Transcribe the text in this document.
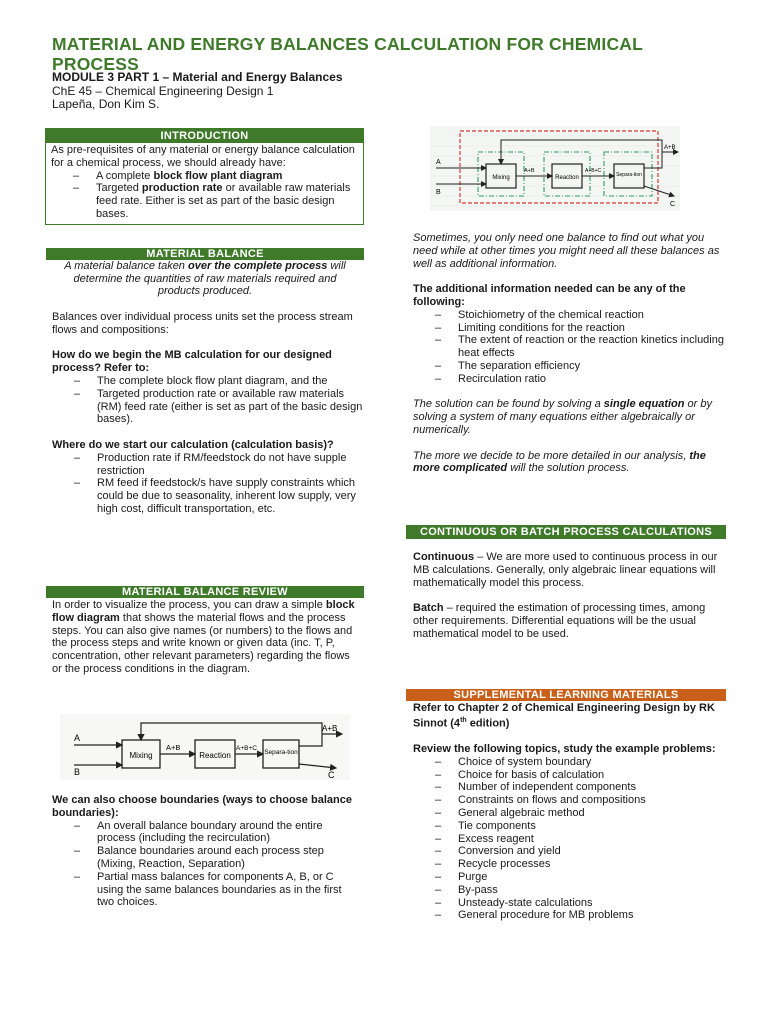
MATERIAL AND ENERGY BALANCES CALCULATION FOR CHEMICAL PROCESS
MODULE 3 PART 1 – Material and Energy Balances
ChE 45 – Chemical Engineering Design 1
Lapeña, Don Kim S.
INTRODUCTION

As pre-requisites of any material or energy balance calculation for a chemical process, we should already have:

– A complete block flow plant diagram
– Targeted production rate or available raw materials feed rate. Either is set as part of the basic design bases.
MATERIAL BALANCE

A material balance taken over the complete process will determine the quantities of raw materials required and products produced.

Balances over individual process units set the process stream flows and compositions:

How do we begin the MB calculation for our designed process? Refer to:

– The complete block flow plant diagram, and the
– Targeted production rate or available raw materials (RM) feed rate (either is set as part of the basic design bases).

Where do we start our calculation (calculation basis)?

– Production rate if RM/feedstock do not have supple restriction
– RM feed if feedstock/s have supply constraints which could be due to seasonality, inherent low supply, very high cost, difficult transportation, etc.
MATERIAL BALANCE REVIEW

In order to visualize the process, you can draw a simple block flow diagram that shows the material flows and the process steps. You can also give names (or numbers) to the flows and the process steps and write known or given data (inc. T, P, concentration, other relevant parameters) regarding the flows or the process conditions in the diagram.

Mixing	Reaction	Separa-tion
A
B	C
A+B
A+B	A+B+C

We can also choose boundaries (ways to choose balance boundaries):

– An overall balance boundary around the entire process (including the recirculation)
– Balance boundaries around each process step (Mixing, Reaction, Separation)
– Partial mass balances for components A, B, or C using the same balances boundaries as in the first two choices.
Mixing	Reaction	Separa-tion
A
B
C
A+B
A+B	A+B+C

Sometimes, you only need one balance to find out what you need while at other times you might need all these balances as well as additional information.

The additional information needed can be any of the following:

– Stoichiometry of the chemical reaction
– Limiting conditions for the reaction
– The extent of reaction or the reaction kinetics including heat effects
– The separation efficiency
– Recirculation ratio

The solution can be found by solving a single equation or by solving a system of many equations either algebraically or numerically.

The more we decide to be more detailed in our analysis, the more complicated will the solution process.

CONTINUOUS OR BATCH PROCESS CALCULATIONS

Continuous – We are more used to continuous process in our MB calculations. Generally, only algebraic linear equations will mathematically model this process.

Batch – required the estimation of processing times, among other requirements. Differential equations will be the usual mathematical model to be used.

SUPPLEMENTAL LEARNING MATERIALS

Refer to Chapter 2 of Chemical Engineering Design by RK Sinnot (4th edition)

Review the following topics, study the example problems:

– Choice of system boundary
– Choice for basis of calculation
– Number of independent components
– Constraints on flows and compositions
– General algebraic method
– Tie components
– Excess reagent
– Conversion and yield
– Recycle processes
– Purge
– By-pass
– Unsteady-state calculations
– General procedure for MB problems
